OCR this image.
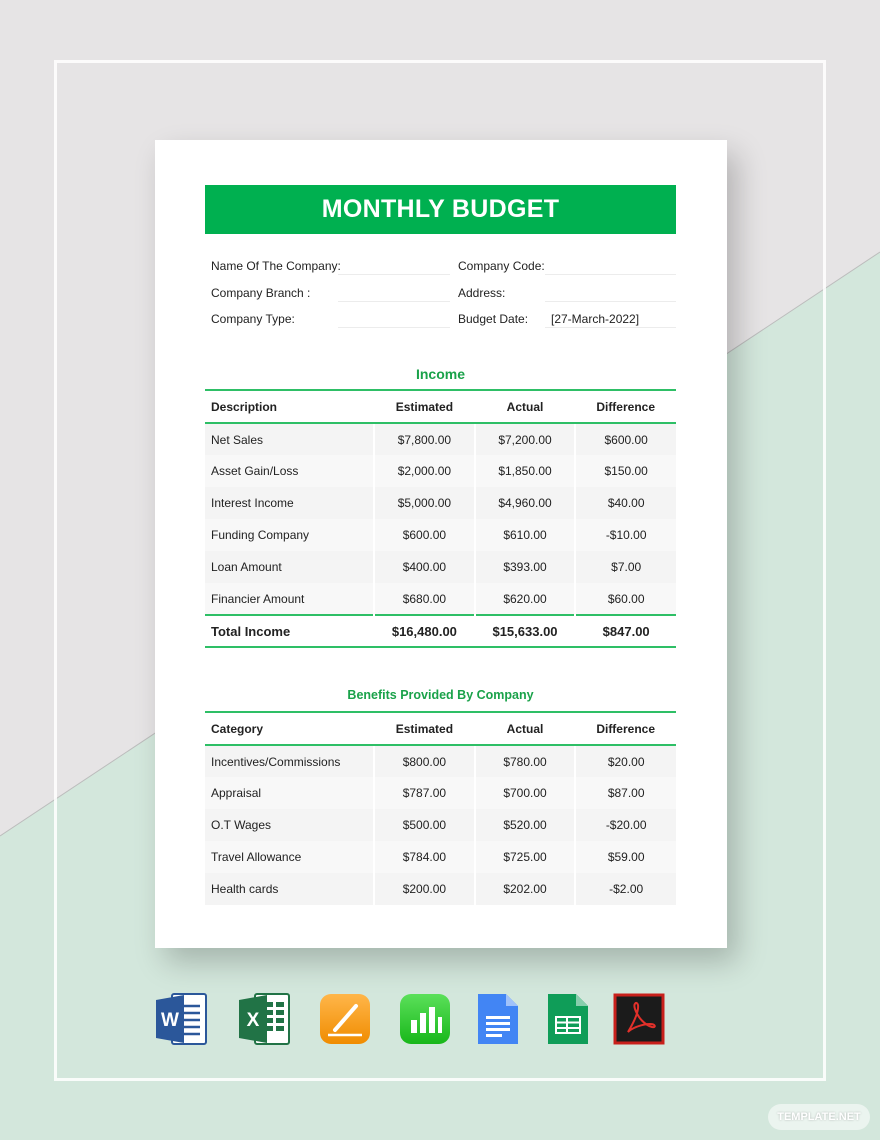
MONTHLY BUDGET
Name Of The Company:	Company Code:
Company Branch :	Address:
Company Type:	Budget Date: [27-March-2022]
Income
Description	Estimated	Actual	Difference
Net Sales	$7,800.00	$7,200.00	$600.00
Asset Gain/Loss	$2,000.00	$1,850.00	$150.00
Interest Income	$5,000.00	$4,960.00	$40.00
Funding Company	$600.00	$610.00	-$10.00
Loan Amount	$400.00	$393.00	$7.00
Financier Amount	$680.00	$620.00	$60.00
Total Income	$16,480.00	$15,633.00	$847.00
Benefits Provided By Company
Category	Estimated	Actual	Difference
Incentives/Commissions	$800.00	$780.00	$20.00
Appraisal	$787.00	$700.00	$87.00
O.T Wages	$500.00	$520.00	-$20.00
Travel Allowance	$784.00	$725.00	$59.00
Health cards	$200.00	$202.00	-$2.00
W	X
TEMPLATE.NET
